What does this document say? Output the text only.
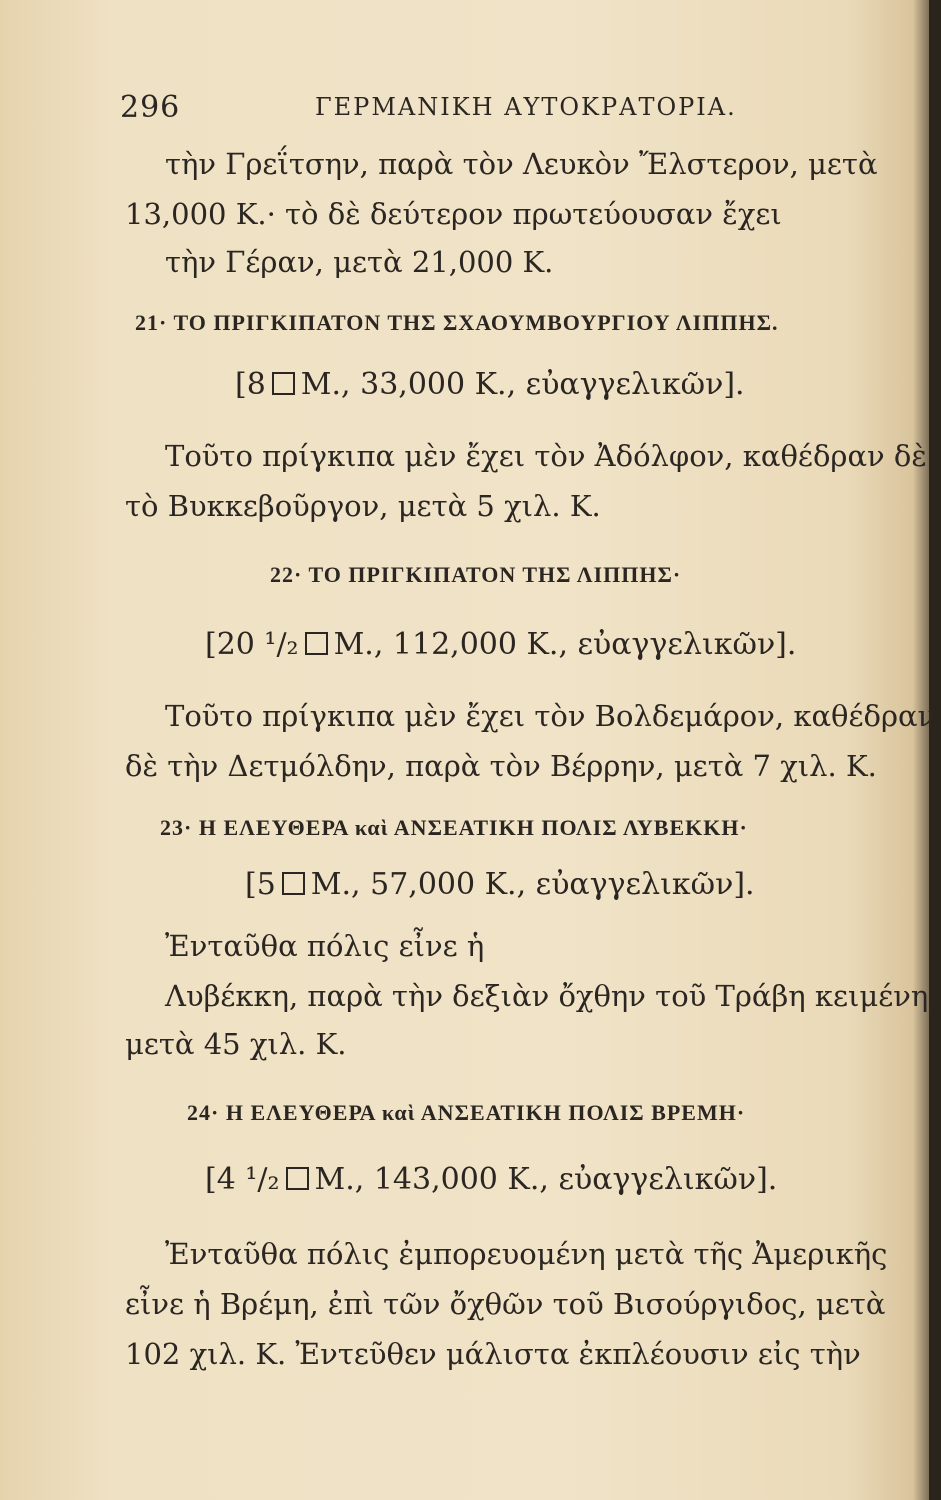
296	ΓΕΡΜΑΝΙΚΗ ΑΥΤΟΚΡΑΤΟΡΙΑ.
τὴν Γρεΐτσην, παρὰ τὸν Λευκὸν Ἔλστερον, μετὰ
13,000 Κ.· τὸ δὲ δεύτερον πρωτεύουσαν ἔχει
τὴν Γέραν, μετὰ 21,000 Κ.
21· ΤΟ ΠΡΙΓΚΙΠΑΤΟΝ ΤΗΣ ΣΧΑΟΥΜΒΟΥΡΓΙΟΥ ΛΙΠΠΗΣ.
[8 Μ., 33,000 Κ., εὐαγγελικῶν].
Τοῦτο πρίγκιπα μὲν ἔχει τὸν Ἀδόλφον, καθέδραν δὲ
τὸ Βυκκεβοῦργον, μετὰ 5 χιλ. Κ.
22· ΤΟ ΠΡΙΓΚΙΠΑΤΟΝ ΤΗΣ ΛΙΠΠΗΣ·
[20 ¹/₂ Μ., 112,000 Κ., εὐαγγελικῶν].
Τοῦτο πρίγκιπα μὲν ἔχει τὸν Βολδεμάρον, καθέδραν
δὲ τὴν Δετμόλδην, παρὰ τὸν Βέρρην, μετὰ 7 χιλ. Κ.
23· Η ΕΛΕΥΘΕΡΑ καὶ ΑΝΣΕΑΤΙΚΗ ΠΟΛΙΣ ΛΥΒΕΚΚΗ·
[5 Μ., 57,000 Κ., εὐαγγελικῶν].
Ἐνταῦθα πόλις εἶνε ἡ
Λυβέκκη, παρὰ τὴν δεξιὰν ὄχθην τοῦ Τράβη κειμένη,
μετὰ 45 χιλ. Κ.
24· Η ΕΛΕΥΘΕΡΑ καὶ ΑΝΣΕΑΤΙΚΗ ΠΟΛΙΣ ΒΡΕΜΗ·
[4 ¹/₂ Μ., 143,000 Κ., εὐαγγελικῶν].
Ἐνταῦθα πόλις ἐμπορευομένη μετὰ τῆς Ἀμερικῆς
εἶνε ἡ Βρέμη, ἐπὶ τῶν ὄχθῶν τοῦ Βισούργιδος, μετὰ
102 χιλ. Κ. Ἐντεῦθεν μάλιστα ἐκπλέουσιν εἰς τὴν
